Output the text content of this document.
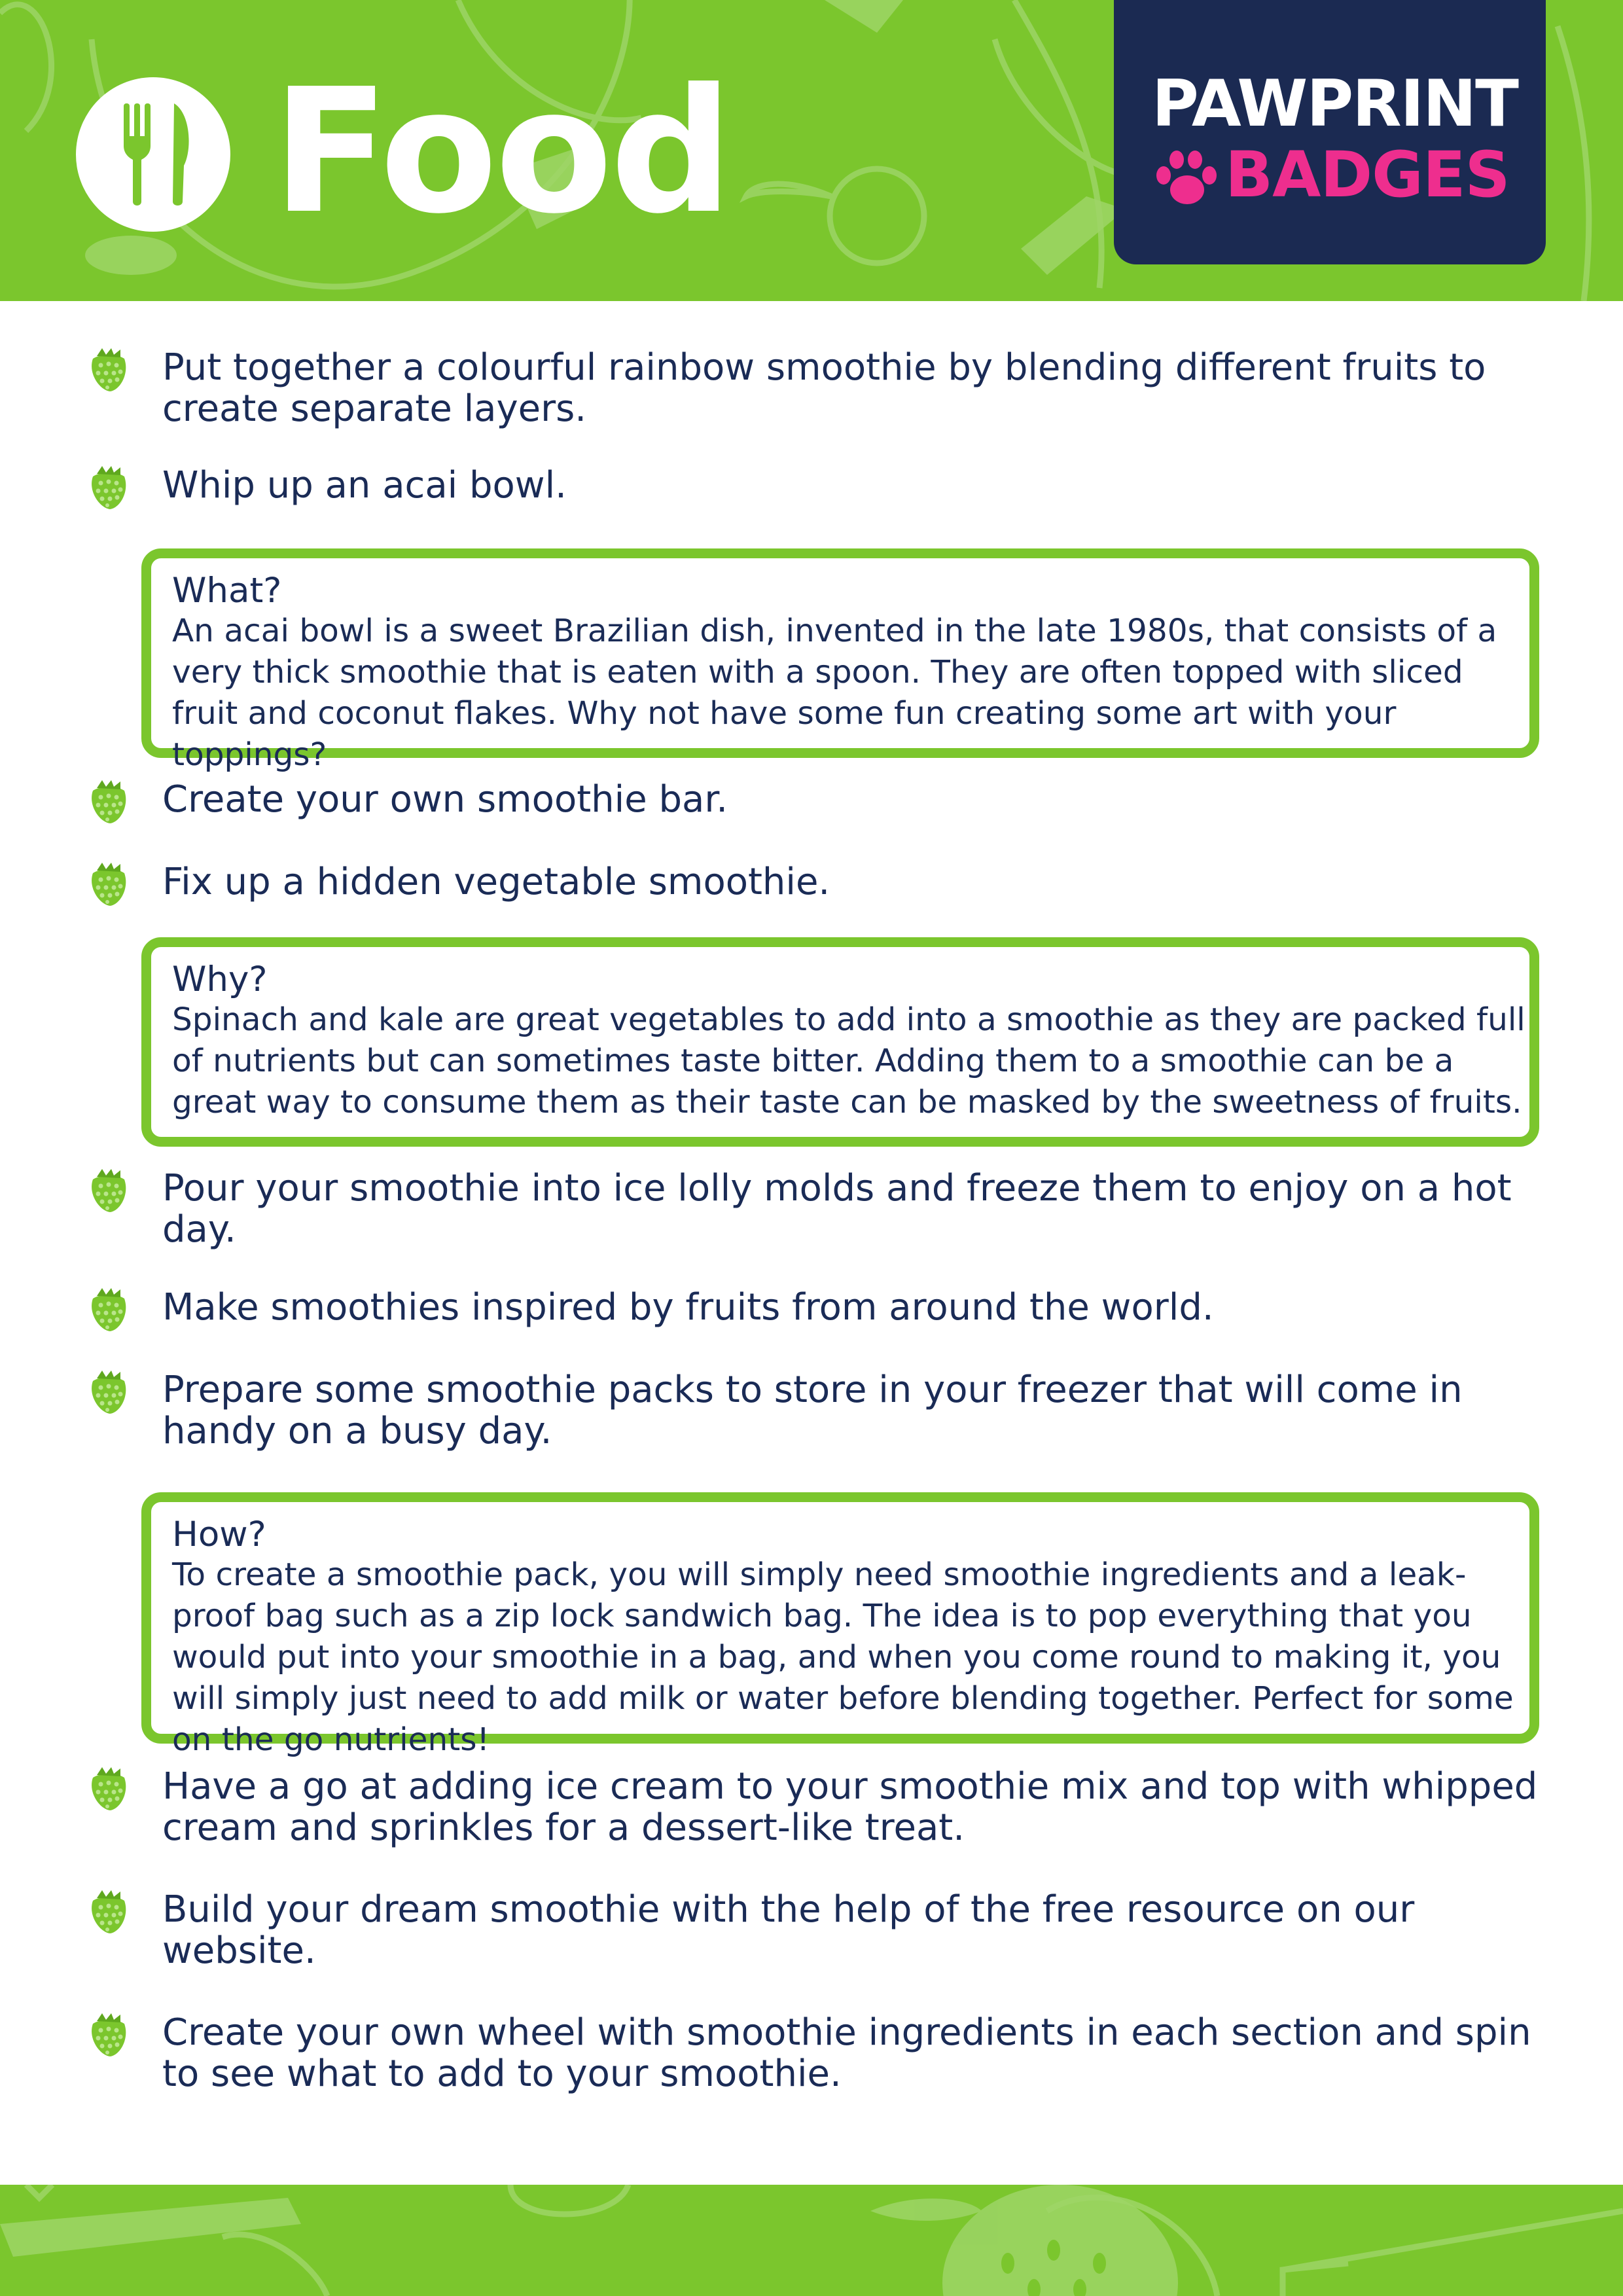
Food	PAWPRINT
BADGES

Put together a colourful rainbow smoothie by blending different fruits to create separate layers.

Whip up an acai bowl.

What?
An acai bowl is a sweet Brazilian dish, invented in the late 1980s, that consists of a very thick smoothie that is eaten with a spoon. They are often topped with sliced fruit and coconut flakes. Why not have some fun creating some art with your toppings?

Create your own smoothie bar.

Fix up a hidden vegetable smoothie.

Why?
Spinach and kale are great vegetables to add into a smoothie as they are packed full of nutrients but can sometimes taste bitter. Adding them to a smoothie can be a great way to consume them as their taste can be masked by the sweetness of fruits.

Pour your smoothie into ice lolly molds and freeze them to enjoy on a hot day.

Make smoothies inspired by fruits from around the world.

Prepare some smoothie packs to store in your freezer that will come in handy on a busy day.

How?
To create a smoothie pack, you will simply need smoothie ingredients and a leak-proof bag such as a zip lock sandwich bag. The idea is to pop everything that you would put into your smoothie in a bag, and when you come round to making it, you will simply just need to add milk or water before blending together. Perfect for some on the go nutrients!

Have a go at adding ice cream to your smoothie mix and top with whipped cream and sprinkles for a dessert-like treat.

Build your dream smoothie with the help of the free resource on our website.

Create your own wheel with smoothie ingredients in each section and spin to see what to add to your smoothie.
